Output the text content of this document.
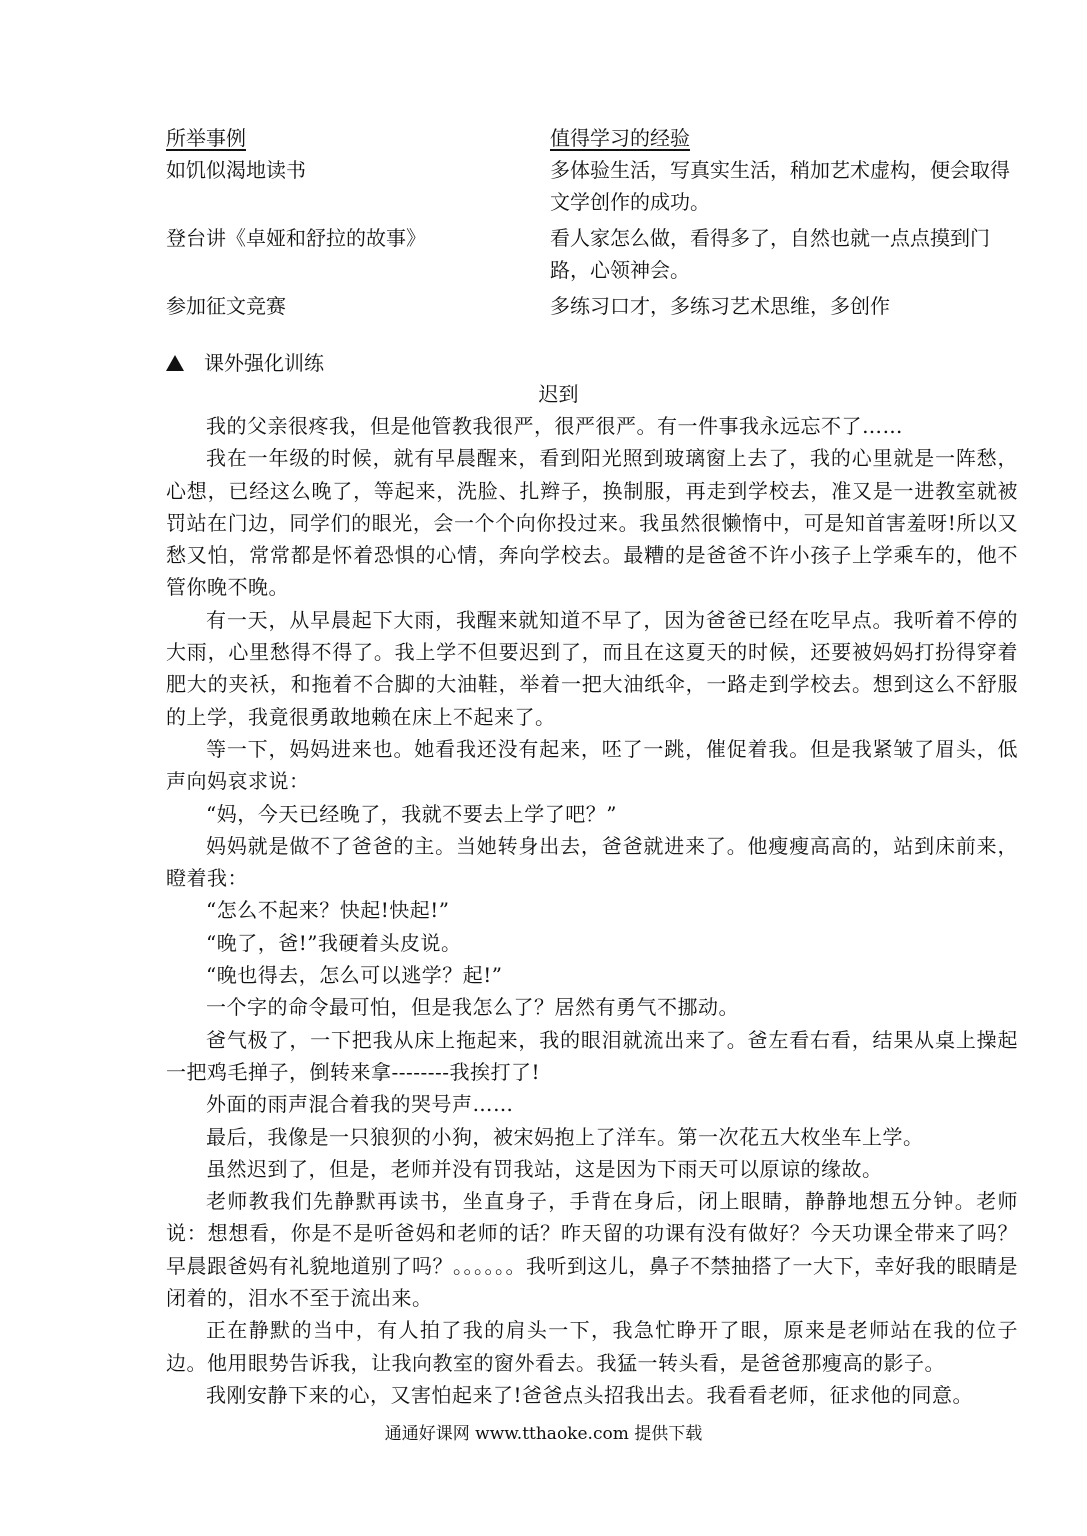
所举事例	值得学习的经验
如饥似渴地读书	多体验生活，写真实生活，稍加艺术虚构，便会取得文学创作的成功。
登台讲《卓娅和舒拉的故事》	看人家怎么做，看得多了，自然也就一点点摸到门路，心领神会。
参加征文竞赛	多练习口才，多练习艺术思维，多创作
课外强化训练
迟到

我的父亲很疼我，但是他管教我很严，很严很严。有一件事我永远忘不了……

我在一年级的时候，就有早晨醒来，看到阳光照到玻璃窗上去了，我的心里就是一阵愁，心想，已经这么晚了，等起来，洗脸、扎辫子，换制服，再走到学校去，准又是一进教室就被罚站在门边，同学们的眼光，会一个个向你投过来。我虽然很懒惰中，可是知首害羞呀!所以又愁又怕，常常都是怀着恐惧的心情，奔向学校去。最糟的是爸爸不许小孩子上学乘车的，他不管你晚不晚。

有一天，从早晨起下大雨，我醒来就知道不早了，因为爸爸已经在吃早点。我听着不停的大雨，心里愁得不得了。我上学不但要迟到了，而且在这夏天的时候，还要被妈妈打扮得穿着肥大的夹袄，和拖着不合脚的大油鞋，举着一把大油纸伞，一路走到学校去。想到这么不舒服的上学，我竟很勇敢地赖在床上不起来了。

等一下，妈妈进来也。她看我还没有起来，呸了一跳，催促着我。但是我紧皱了眉头，低声向妈哀求说：

“妈，今天已经晚了，我就不要去上学了吧？”

妈妈就是做不了爸爸的主。当她转身出去，爸爸就进来了。他瘦瘦高高的，站到床前来，瞪着我：

“怎么不起来？快起!快起!”

“晚了，爸!”我硬着头皮说。

“晚也得去，怎么可以逃学？起!”

一个字的命令最可怕，但是我怎么了？居然有勇气不挪动。

爸气极了，一下把我从床上拖起来，我的眼泪就流出来了。爸左看右看，结果从桌上操起一把鸡毛掸子，倒转来拿--------我挨打了!

外面的雨声混合着我的哭号声……

最后，我像是一只狼狈的小狗，被宋妈抱上了洋车。第一次花五大枚坐车上学。

虽然迟到了，但是，老师并没有罚我站，这是因为下雨天可以原谅的缘故。

老师教我们先静默再读书，坐直身子，手背在身后，闭上眼睛，静静地想五分钟。老师说：想想看，你是不是听爸妈和老师的话？昨天留的功课有没有做好？今天功课全带来了吗？早晨跟爸妈有礼貌地道别了吗？。。。。。。我听到这儿，鼻子不禁抽搭了一大下，幸好我的眼睛是闭着的，泪水不至于流出来。

正在静默的当中，有人拍了我的肩头一下，我急忙睁开了眼，原来是老师站在我的位子边。他用眼势告诉我，让我向教室的窗外看去。我猛一转头看，是爸爸那瘦高的影子。

我刚安静下来的心，又害怕起来了!爸爸点头招我出去。我看看老师，征求他的同意。

通通好课网 www.tthaoke.com 提供下载
